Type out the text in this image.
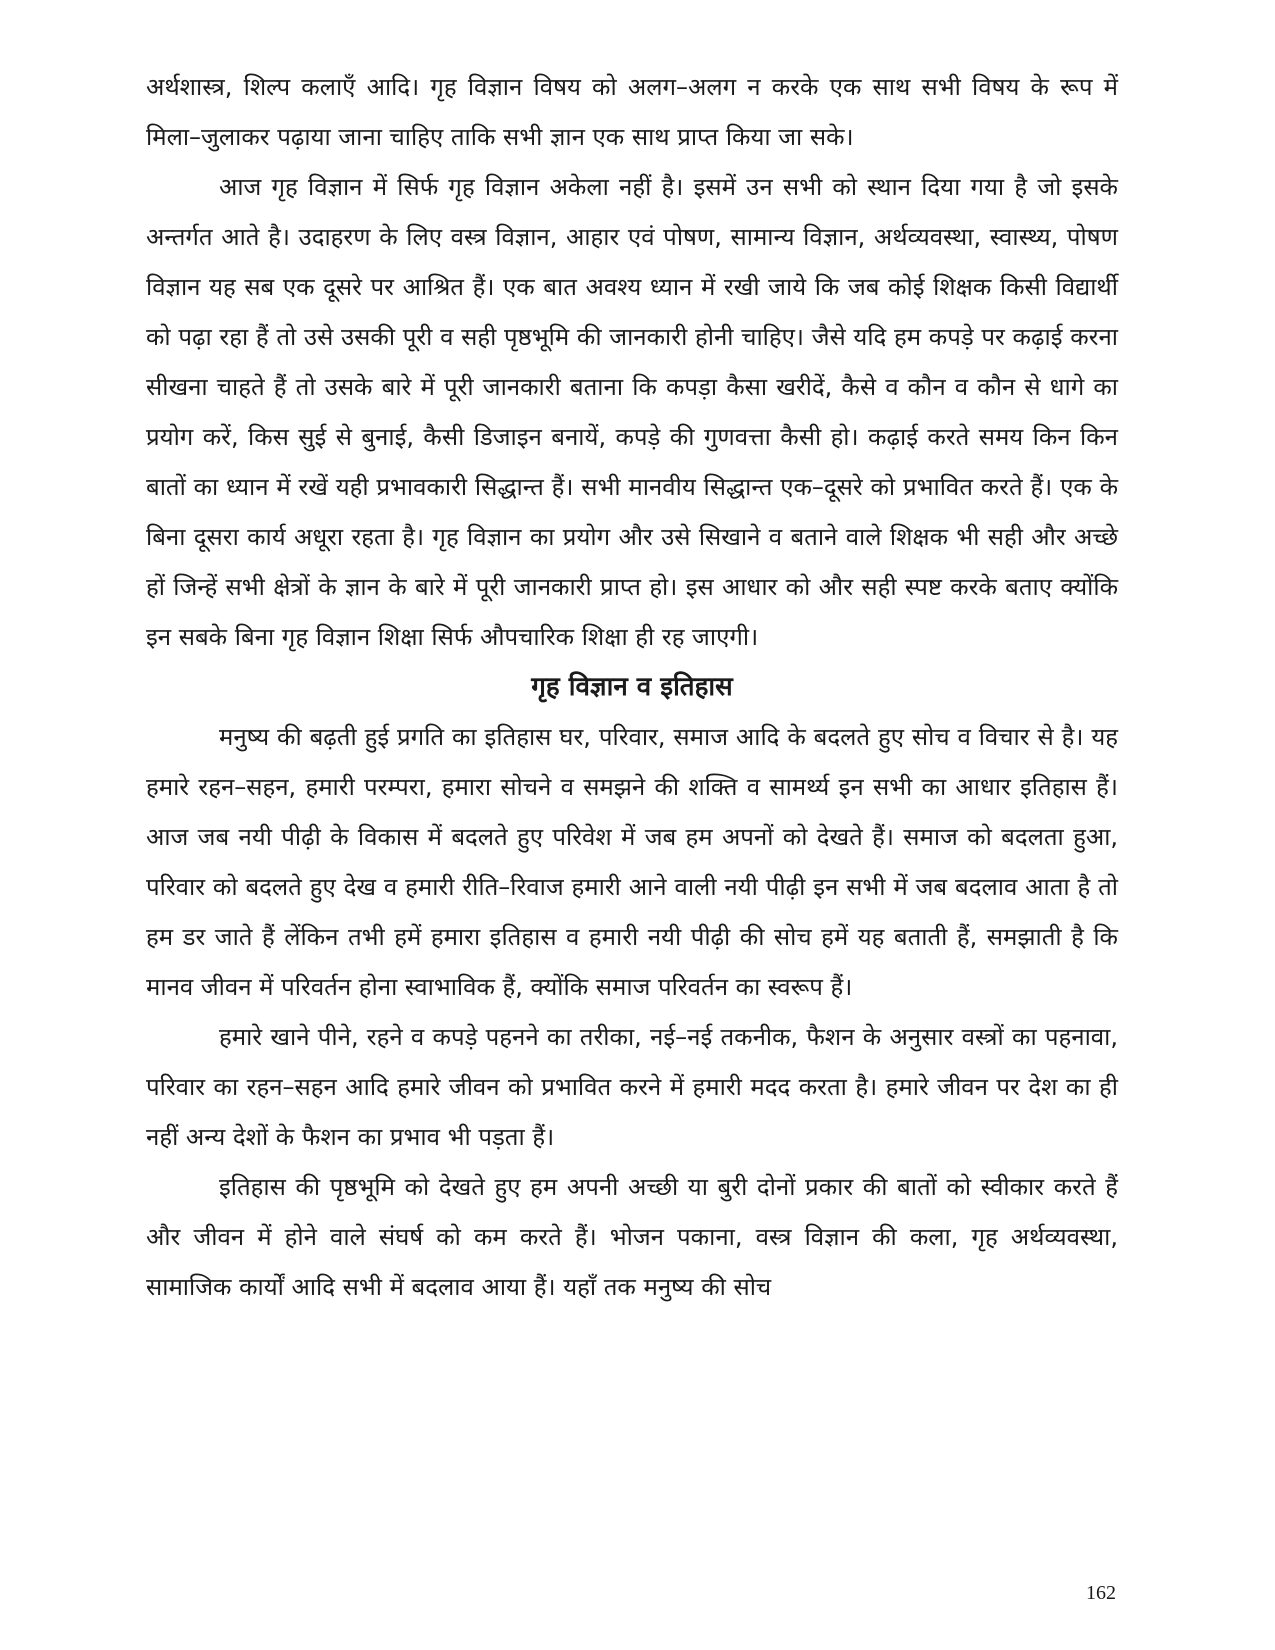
अर्थशास्त्र, शिल्प कलाएँ आदि। गृह विज्ञान विषय को अलग–अलग न करके एक साथ सभी विषय के रूप में मिला–जुलाकर पढ़ाया जाना चाहिए ताकि सभी ज्ञान एक साथ प्राप्त किया जा सके।

आज गृह विज्ञान में सिर्फ गृह विज्ञान अकेला नहीं है। इसमें उन सभी को स्थान दिया गया है जो इसके अन्तर्गत आते है। उदाहरण के लिए वस्त्र विज्ञान, आहार एवं पोषण, सामान्य विज्ञान, अर्थव्यवस्था, स्वास्थ्य, पोषण विज्ञान यह सब एक दूसरे पर आश्रित हैं। एक बात अवश्य ध्यान में रखी जाये कि जब कोई शिक्षक किसी विद्यार्थी को पढ़ा रहा हैं तो उसे उसकी पूरी व सही पृष्ठभूमि की जानकारी होनी चाहिए। जैसे यदि हम कपड़े पर कढ़ाई करना सीखना चाहते हैं तो उसके बारे में पूरी जानकारी बताना कि कपड़ा कैसा खरीदें, कैसे व कौन व कौन से धागे का प्रयोग करें, किस सुई से बुनाई, कैसी डिजाइन बनायें, कपड़े की गुणवत्ता कैसी हो। कढ़ाई करते समय किन किन बातों का ध्यान में रखें यही प्रभावकारी सिद्धान्त हैं। सभी मानवीय सिद्धान्त एक–दूसरे को प्रभावित करते हैं। एक के बिना दूसरा कार्य अधूरा रहता है। गृह विज्ञान का प्रयोग और उसे सिखाने व बताने वाले शिक्षक भी सही और अच्छे हों जिन्हें सभी क्षेत्रों के ज्ञान के बारे में पूरी जानकारी प्राप्त हो। इस आधार को और सही स्पष्ट करके बताए क्योंकि इन सबके बिना गृह विज्ञान शिक्षा सिर्फ औपचारिक शिक्षा ही रह जाएगी।

गृह विज्ञान व इतिहास

मनुष्य की बढ़ती हुई प्रगति का इतिहास घर, परिवार, समाज आदि के बदलते हुए सोच व विचार से है। यह हमारे रहन–सहन, हमारी परम्परा, हमारा सोचने व समझने की शक्ति व सामर्थ्य इन सभी का आधार इतिहास हैं। आज जब नयी पीढ़ी के विकास में बदलते हुए परिवेश में जब हम अपनों को देखते हैं। समाज को बदलता हुआ, परिवार को बदलते हुए देख व हमारी रीति–रिवाज हमारी आने वाली नयी पीढ़ी इन सभी में जब बदलाव आता है तो हम डर जाते हैं लेंकिन तभी हमें हमारा इतिहास व हमारी नयी पीढ़ी की सोच हमें यह बताती हैं, समझाती है कि मानव जीवन में परिवर्तन होना स्वाभाविक हैं, क्योंकि समाज परिवर्तन का स्वरूप हैं।

हमारे खाने पीने, रहने व कपड़े पहनने का तरीका, नई–नई तकनीक, फैशन के अनुसार वस्त्रों का पहनावा, परिवार का रहन–सहन आदि हमारे जीवन को प्रभावित करने में हमारी मदद करता है। हमारे जीवन पर देश का ही नहीं अन्य देशों के फैशन का प्रभाव भी पड़ता हैं।

इतिहास की पृष्ठभूमि को देखते हुए हम अपनी अच्छी या बुरी दोनों प्रकार की बातों को स्वीकार करते हैं और जीवन में होने वाले संघर्ष को कम करते हैं। भोजन पकाना, वस्त्र विज्ञान की कला, गृह अर्थव्यवस्था, सामाजिक कार्यों आदि सभी में बदलाव आया हैं। यहाँ तक मनुष्य की सोच

162
